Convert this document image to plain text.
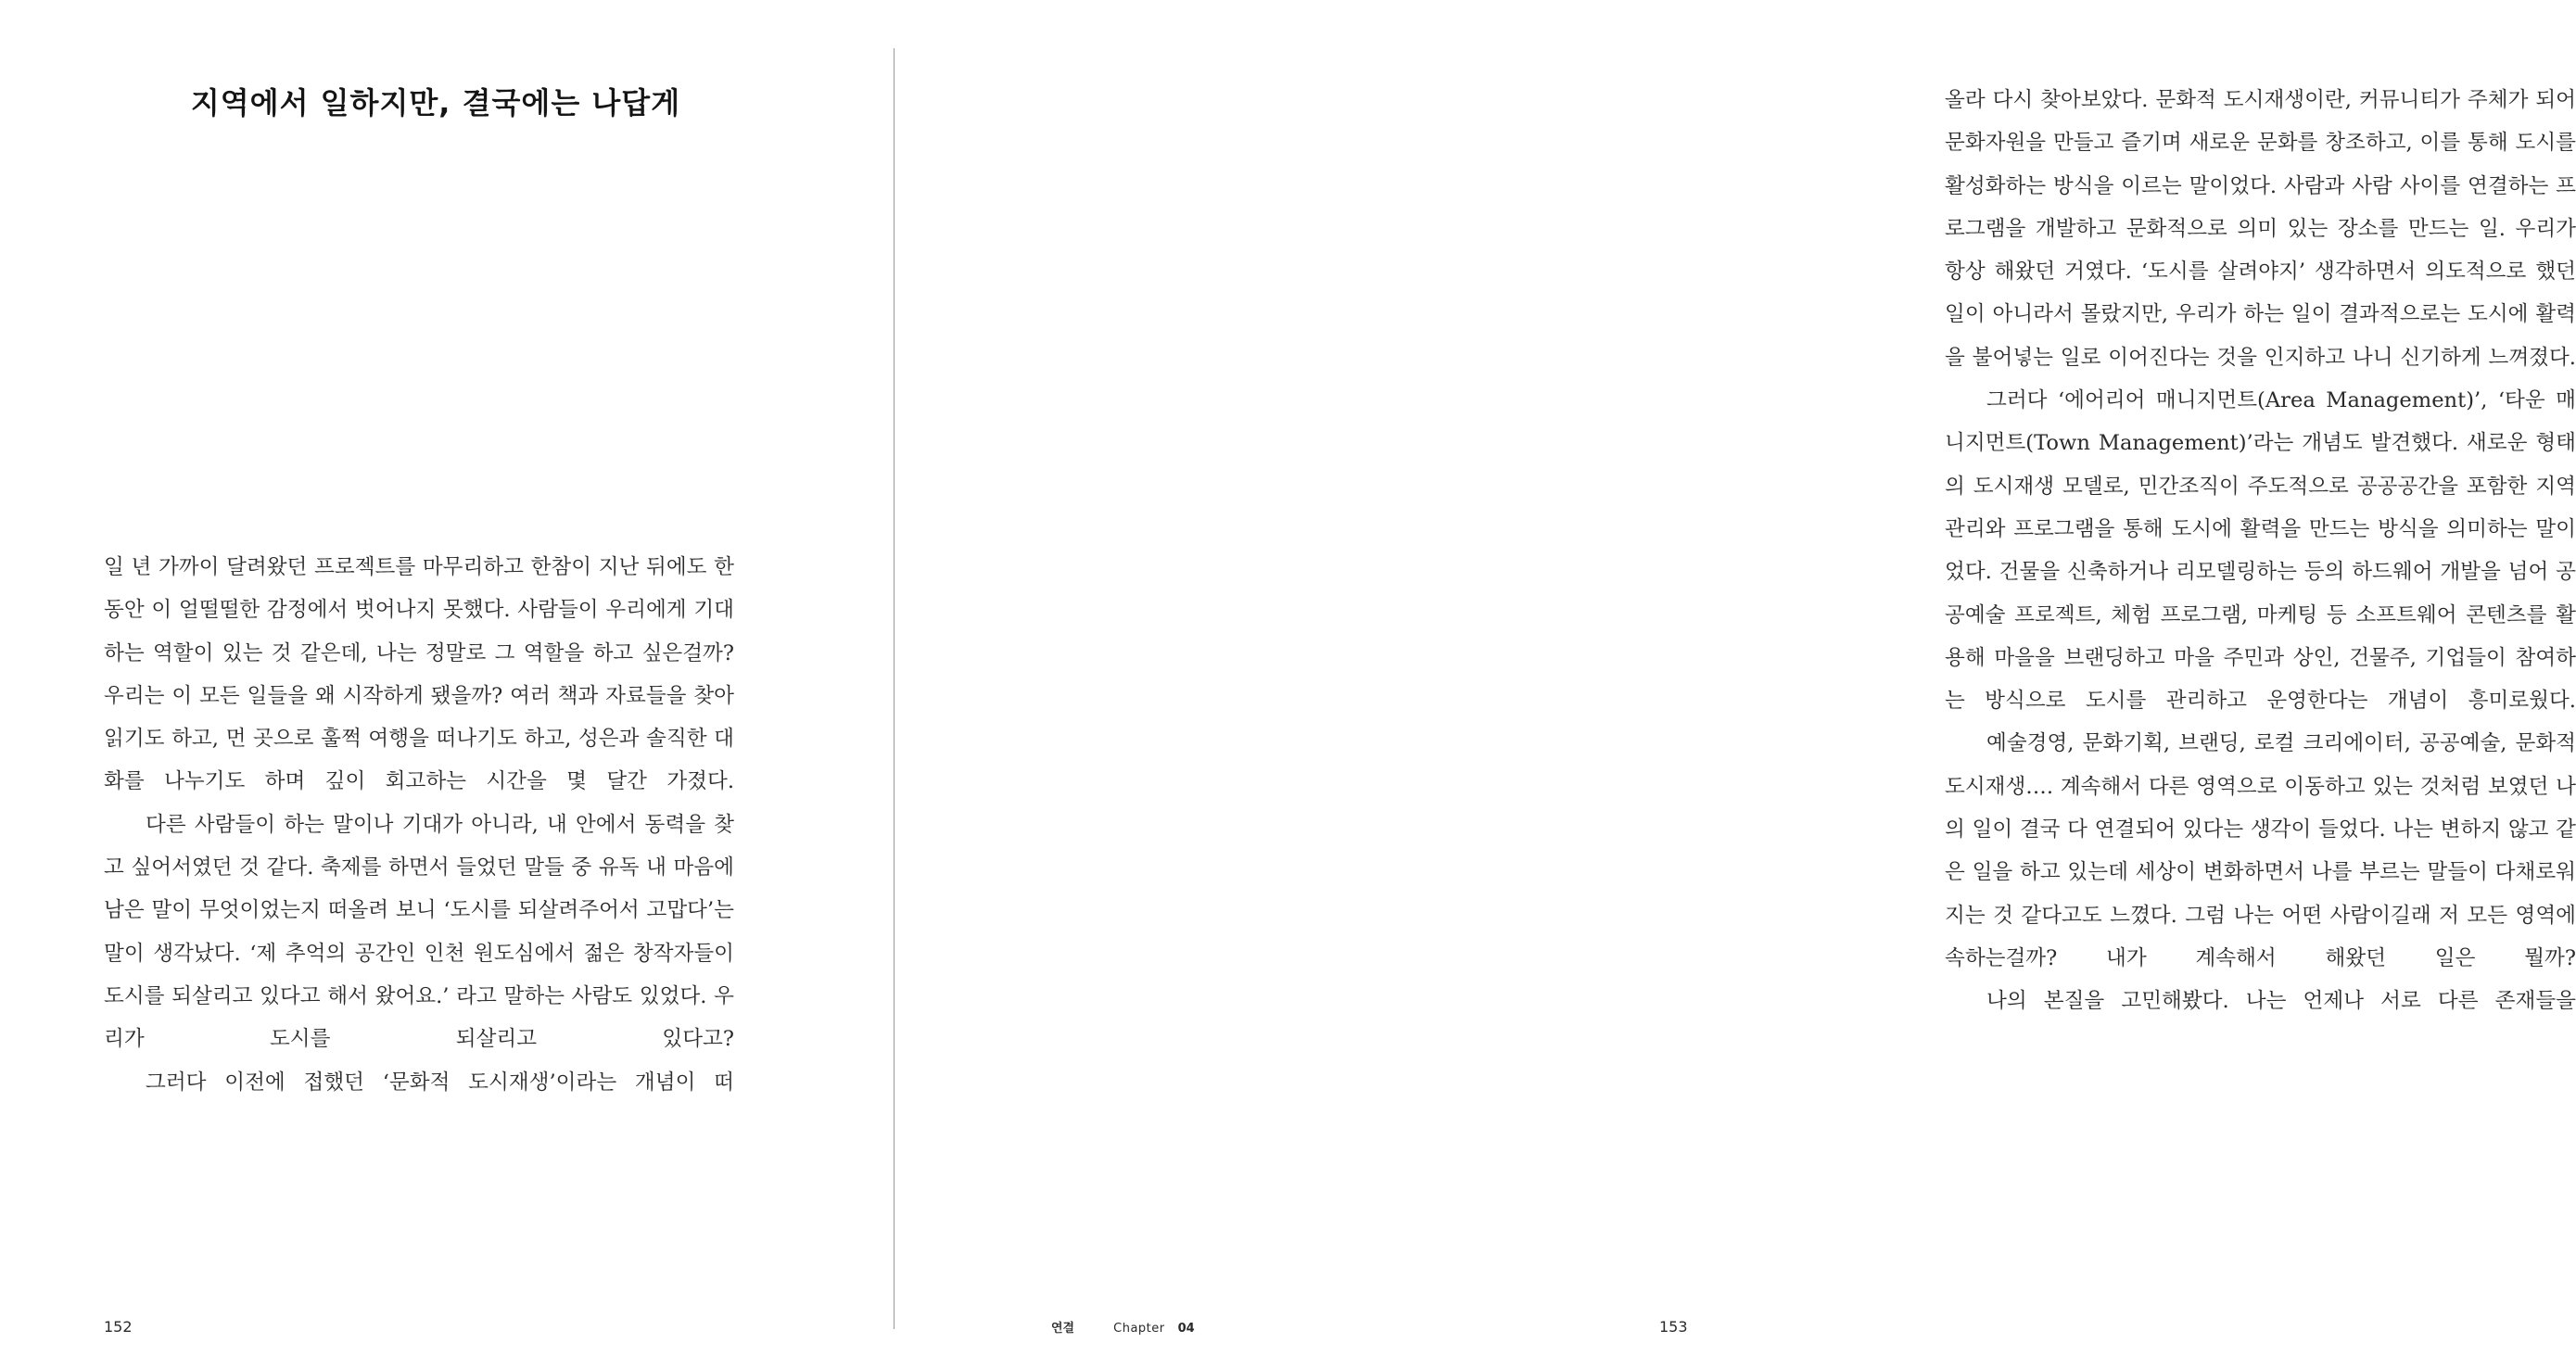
지역에서 일하지만, 결국에는 나답게

일 년 가까이 달려왔던 프로젝트를 마무리하고 한참이 지난 뒤에도 한동안 이 얼떨떨한 감정에서 벗어나지 못했다. 사람들이 우리에게 기대하는 역할이 있는 것 같은데, 나는 정말로 그 역할을 하고 싶은걸까? 우리는 이 모든 일들을 왜 시작하게 됐을까? 여러 책과 자료들을 찾아 읽기도 하고, 먼 곳으로 훌쩍 여행을 떠나기도 하고, 성은과 솔직한 대화를 나누기도 하며 깊이 회고하는 시간을 몇 달간 가졌다.

다른 사람들이 하는 말이나 기대가 아니라, 내 안에서 동력을 찾고 싶어서였던 것 같다. 축제를 하면서 들었던 말들 중 유독 내 마음에 남은 말이 무엇이었는지 떠올려 보니 ‘도시를 되살려주어서 고맙다’는 말이 생각났다. ‘제 추억의 공간인 인천 원도심에서 젊은 창작자들이 도시를 되살리고 있다고 해서 왔어요.’ 라고 말하는 사람도 있었다. 우리가 도시를 되살리고 있다고?

그러다 이전에 접했던 ‘문화적 도시재생’이라는 개념이 떠

152

올라 다시 찾아보았다. 문화적 도시재생이란, 커뮤니티가 주체가 되어 문화자원을 만들고 즐기며 새로운 문화를 창조하고, 이를 통해 도시를 활성화하는 방식을 이르는 말이었다. 사람과 사람 사이를 연결하는 프로그램을 개발하고 문화적으로 의미 있는 장소를 만드는 일. 우리가 항상 해왔던 거였다. ‘도시를 살려야지’ 생각하면서 의도적으로 했던 일이 아니라서 몰랐지만, 우리가 하는 일이 결과적으로는 도시에 활력을 불어넣는 일로 이어진다는 것을 인지하고 나니 신기하게 느껴졌다.

그러다 ‘에어리어 매니지먼트(Area Management)’, ‘타운 매니지먼트(Town Management)’라는 개념도 발견했다. 새로운 형태의 도시재생 모델로, 민간조직이 주도적으로 공공공간을 포함한 지역관리와 프로그램을 통해 도시에 활력을 만드는 방식을 의미하는 말이었다. 건물을 신축하거나 리모델링하는 등의 하드웨어 개발을 넘어 공공예술 프로젝트, 체험 프로그램, 마케팅 등 소프트웨어 콘텐츠를 활용해 마을을 브랜딩하고 마을 주민과 상인, 건물주, 기업들이 참여하는 방식으로 도시를 관리하고 운영한다는 개념이 흥미로웠다.

예술경영, 문화기획, 브랜딩, 로컬 크리에이터, 공공예술, 문화적 도시재생…. 계속해서 다른 영역으로 이동하고 있는 것처럼 보였던 나의 일이 결국 다 연결되어 있다는 생각이 들었다. 나는 변하지 않고 같은 일을 하고 있는데 세상이 변화하면서 나를 부르는 말들이 다채로워지는 것 같다고도 느꼈다. 그럼 나는 어떤 사람이길래 저 모든 영역에 속하는걸까? 내가 계속해서 해왔던 일은 뭘까?

나의 본질을 고민해봤다. 나는 언제나 서로 다른 존재들을

연결	Chapter 04	153
